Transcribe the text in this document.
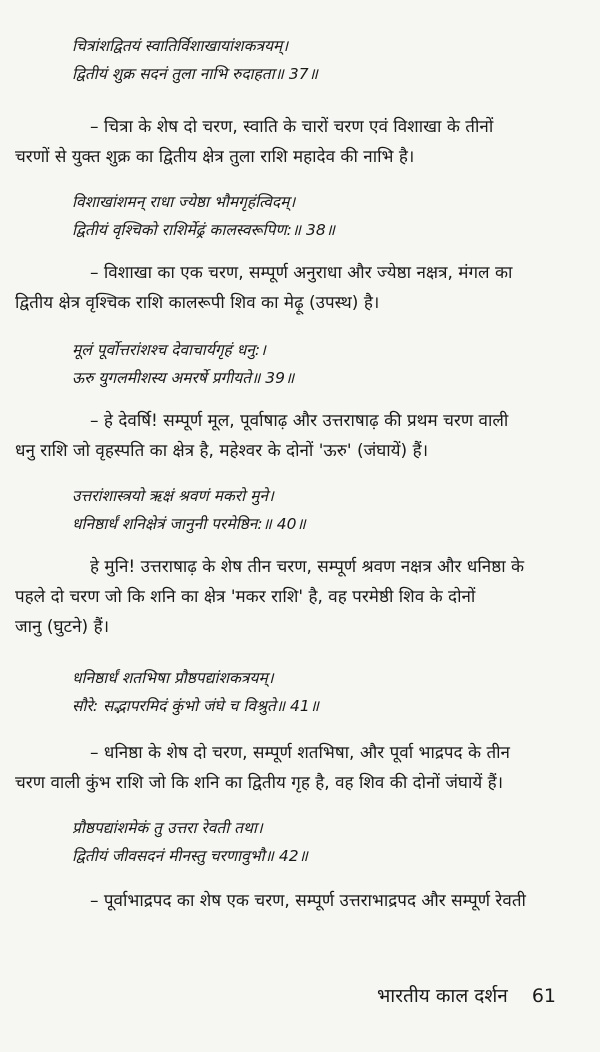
चित्रांशद्वितयं स्वातिर्विशाखायांशकत्रयम्।
द्वितीयं शुक्र सदनं तुला नाभि रुदाहता॥ 37॥
– चित्रा के शेष दो चरण, स्वाति के चारों चरण एवं विशाखा के तीनों
चरणों से युक्त शुक्र का द्वितीय क्षेत्र तुला राशि महादेव की नाभि है।
विशाखांशमन् राधा ज्येष्ठा भौमगृहंत्विदम्।
द्वितीयं वृश्चिको राशिर्मेढ्रं कालस्वरूपिण:॥ 38॥
– विशाखा का एक चरण, सम्पूर्ण अनुराधा और ज्येष्ठा नक्षत्र, मंगल का
द्वितीय क्षेत्र वृश्चिक राशि कालरूपी शिव का मेढ़ू (उपस्थ) है।
मूलं पूर्वोत्तरांशश्च देवाचार्यगृहं धनु:।
ऊरु युगलमीशस्य अमरर्षे प्रगीयते॥ 39॥
– हे देवर्षि! सम्पूर्ण मूल, पूर्वाषाढ़ और उत्तराषाढ़ की प्रथम चरण वाली
धनु राशि जो वृहस्पति का क्षेत्र है, महेश्वर के दोनों 'ऊरु' (जंघायें) हैं।
उत्तरांशास्त्रयो ऋक्षं श्रवणं मकरो मुने।
धनिष्ठार्धं शनिक्षेत्रं जानुनी परमेष्ठिन:॥ 40॥
हे मुनि! उत्तराषाढ़ के शेष तीन चरण, सम्पूर्ण श्रवण नक्षत्र और धनिष्ठा के
पहले दो चरण जो कि शनि का क्षेत्र 'मकर राशि' है, वह परमेष्ठी शिव के दोनों
जानु (घुटने) हैं।
धनिष्ठार्धं शतभिषा प्रौष्ठपद्यांशकत्रयम्।
सौरे: सद्भापरमिदं कुंभो जंघे च विश्रुते॥ 41॥
– धनिष्ठा के शेष दो चरण, सम्पूर्ण शतभिषा, और पूर्वा भाद्रपद के तीन
चरण वाली कुंभ राशि जो कि शनि का द्वितीय गृह है, वह शिव की दोनों जंघायें हैं।
प्रौष्ठपद्यांशमेकं तु उत्तरा रेवती तथा।
द्वितीयं जीवसदनं मीनस्तु चरणावुभौ॥ 42॥
– पूर्वाभाद्रपद का शेष एक चरण, सम्पूर्ण उत्तराभाद्रपद और सम्पूर्ण रेवती
भारतीय काल दर्शन 61
